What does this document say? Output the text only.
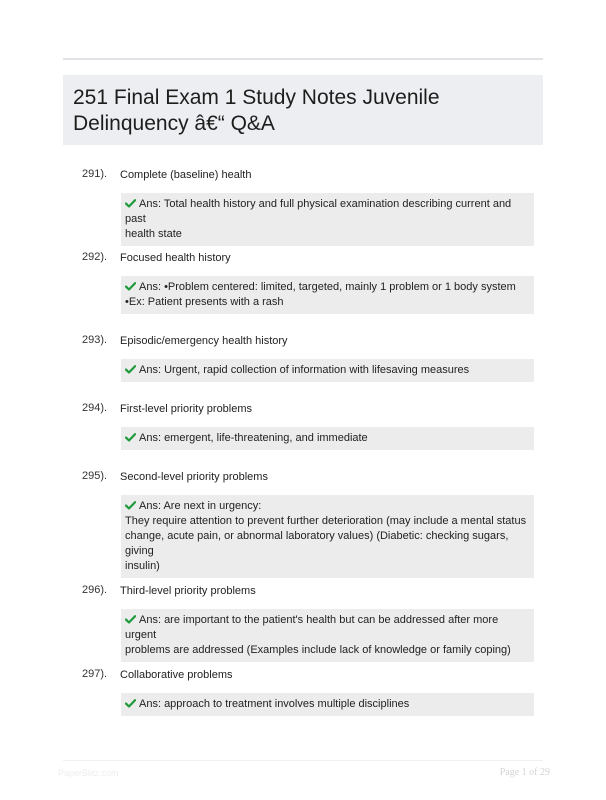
251 Final Exam 1 Study Notes Juvenile Delinquency â€“ Q&A
291). Complete (baseline) health
Ans: Total health history and full physical examination describing current and past
health state
292). Focused health history
Ans: •Problem centered: limited, targeted, mainly 1 problem or 1 body system
•Ex: Patient presents with a rash
293). Episodic/emergency health history
Ans: Urgent, rapid collection of information with lifesaving measures
294). First-level priority problems
Ans: emergent, life-threatening, and immediate
295). Second-level priority problems
Ans: Are next in urgency:
They require attention to prevent further deterioration (may include a mental status
change, acute pain, or abnormal laboratory values) (Diabetic: checking sugars, giving
insulin)
296). Third-level priority problems
Ans: are important to the patient's health but can be addressed after more urgent
problems are addressed (Examples include lack of knowledge or family coping)
297). Collaborative problems
Ans: approach to treatment involves multiple disciplines
PaperBlitz.com	Page 1 of 29
